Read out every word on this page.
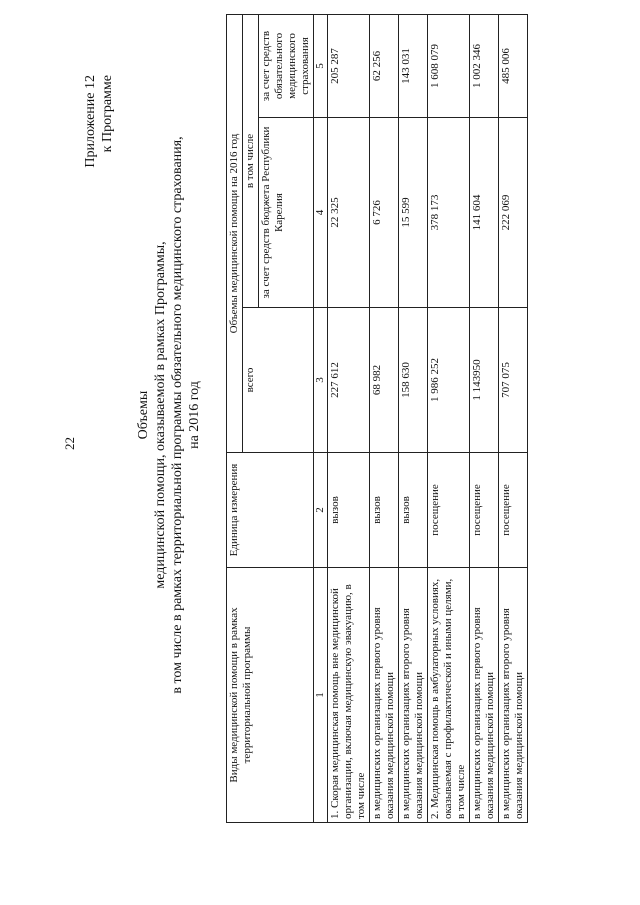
22
Приложение 12 к Программе
Объемы медицинской помощи, оказываемой в рамках Программы, в том числе в рамках территориальной программы обязательного медицинского страхования, на 2016 год
Виды медицинской помощи в рамках территориальной программы	Единица измерения	Объемы медицинской помощи на 2016 год		
		всего	в том числе	
			за счет средств бюджета Республики Карелия	за счет средств обязательного медицинского страхования
1	2	3	4	5
1. Скорая медицинская помощь вне медицинской организации, включая медицинскую эвакуацию, в том числе	вызов	227 612	22 325	205 287
в медицинских организациях первого уровня оказания медицинской помощи	вызов	68 982	6 726	62 256
в медицинских организациях второго уровня оказания медицинской помощи	вызов	158 630	15 599	143 031
2. Медицинская помощь в амбулаторных условиях, оказываемая с профилактической и иными целями, в том числе	посещение	1 986 252	378 173	1 608 079
в медицинских организациях первого уровня оказания медицинской помощи	посещение	1 143950	141 604	1 002 346
в медицинских организациях второго уровня оказания медицинской помощи	посещение	707 075	222 069	485 006
